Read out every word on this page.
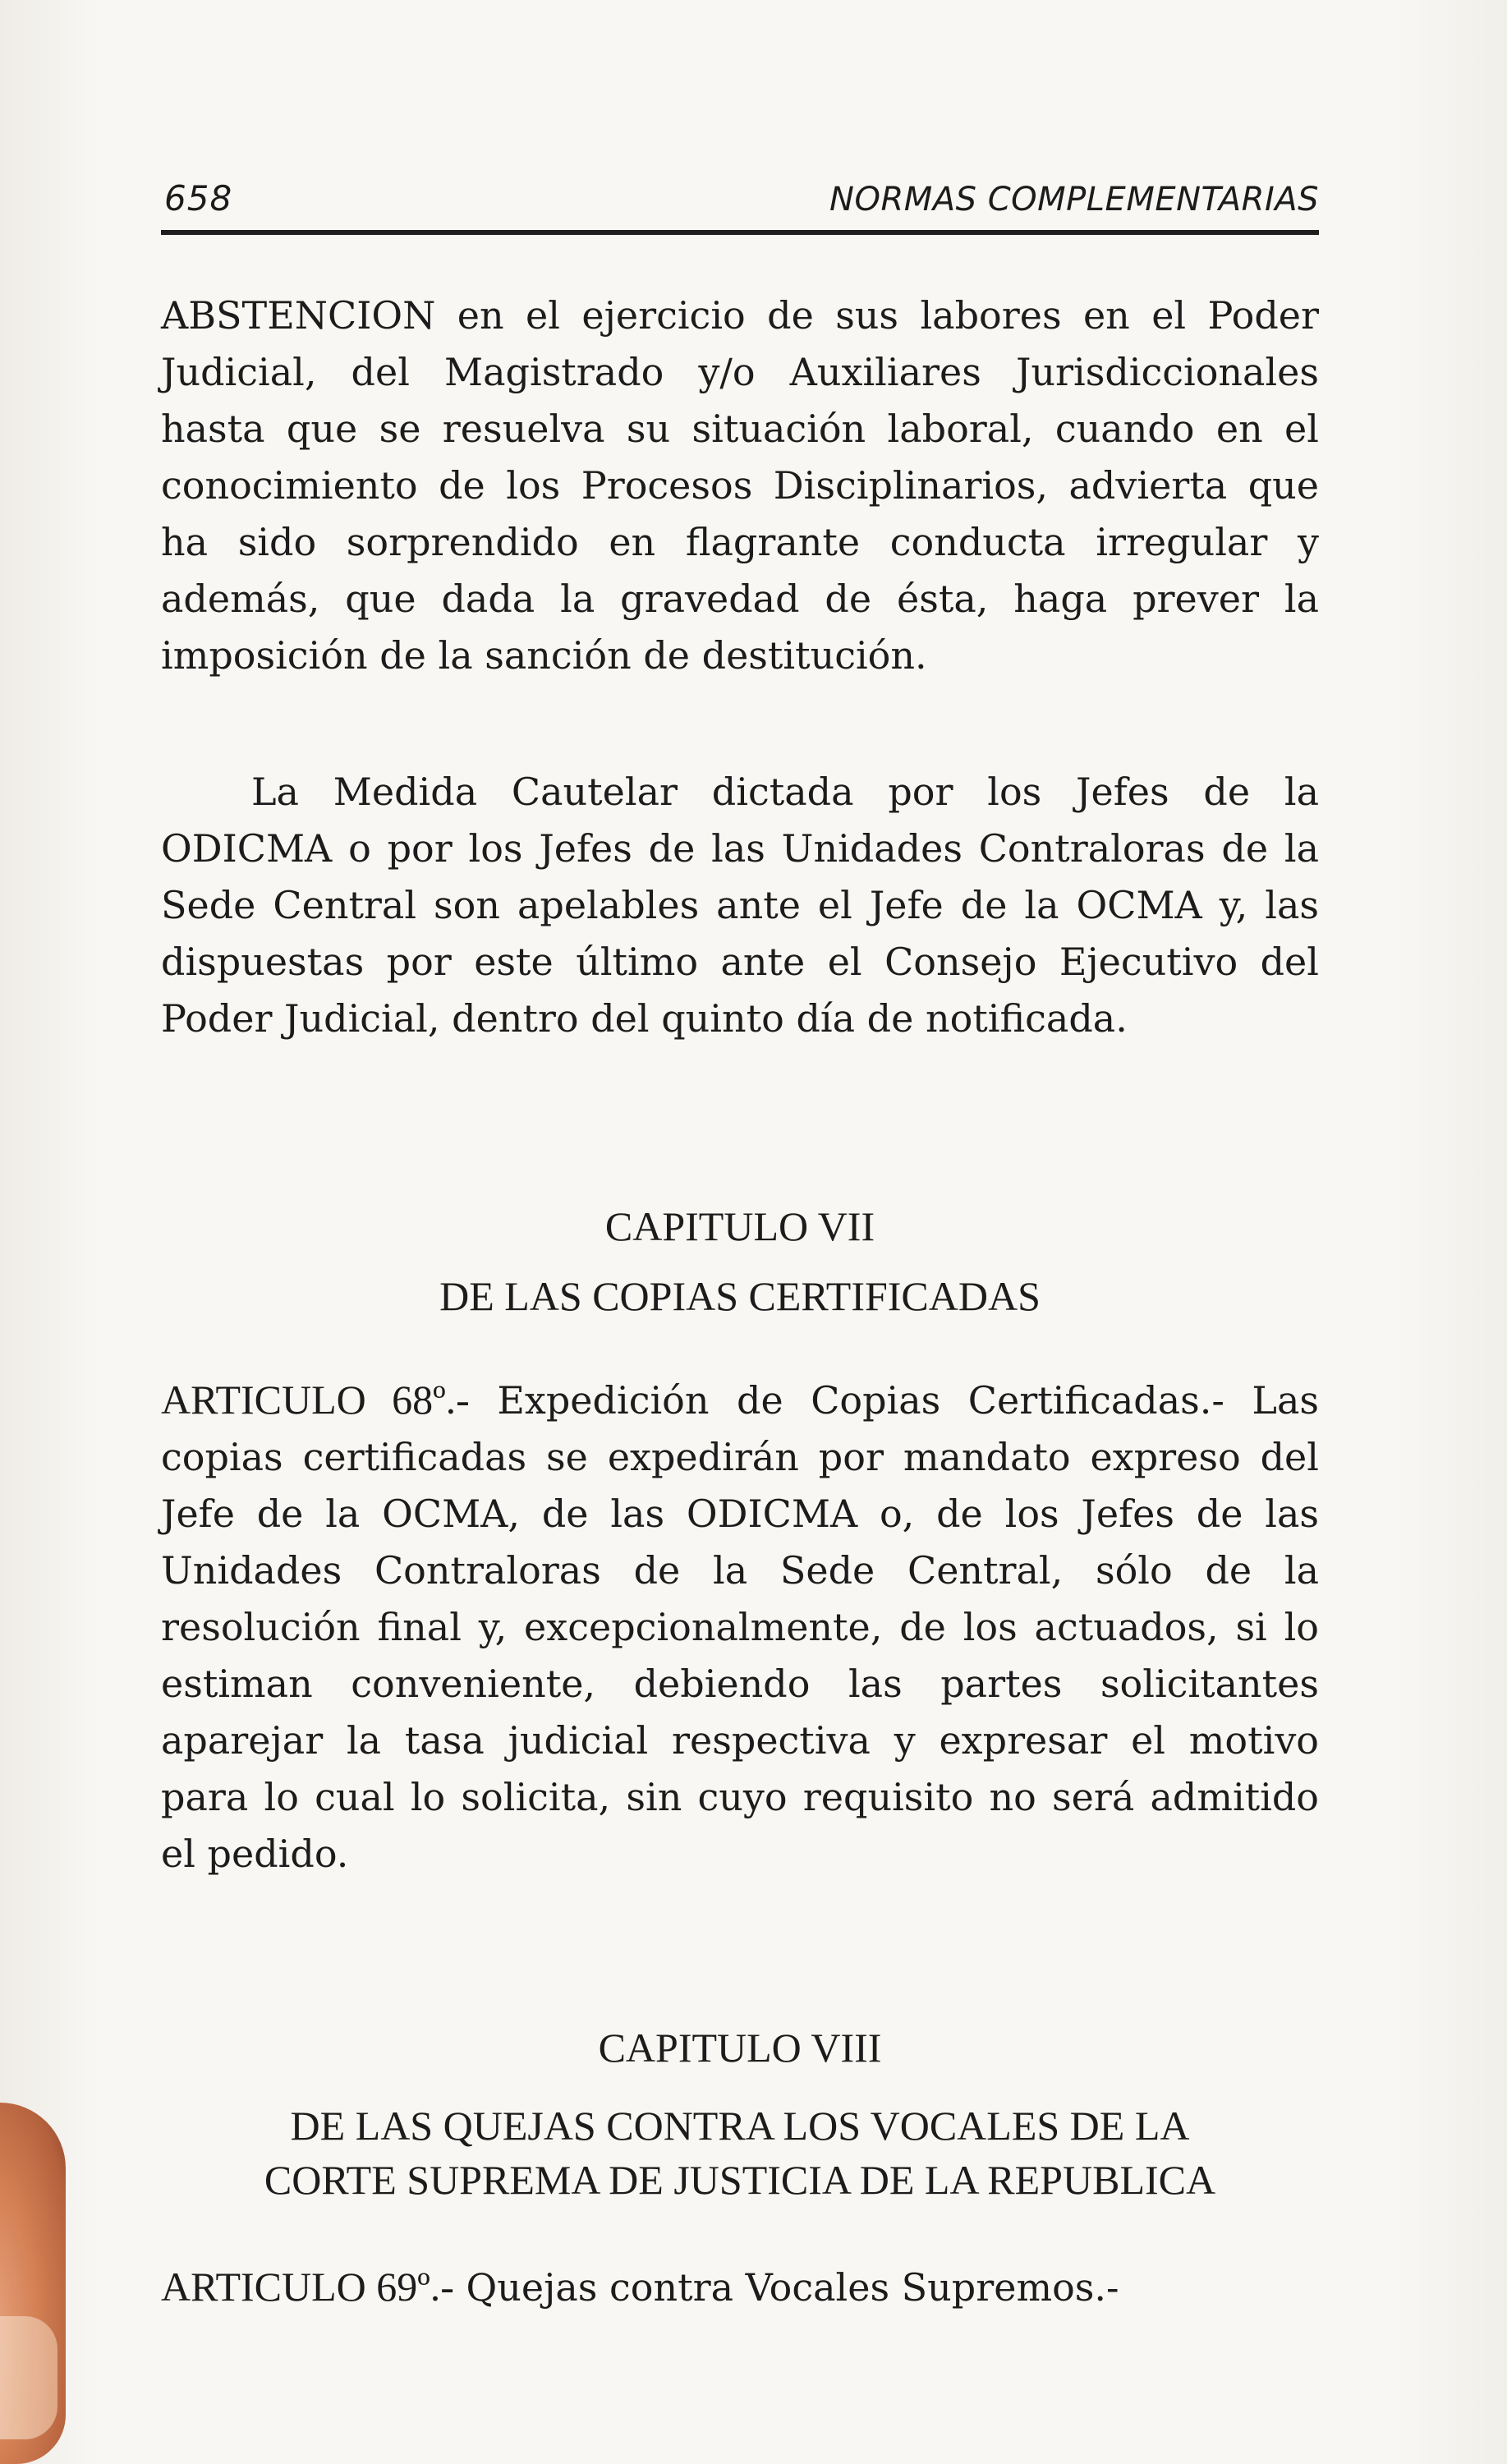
658	NORMAS COMPLEMENTARIAS

ABSTENCION en el ejercicio de sus labores en el Poder Judicial, del Magistrado y/o Auxiliares Jurisdiccionales hasta que se resuelva su situación laboral, cuando en el conocimiento de los Procesos Disciplinarios, advierta que ha sido sorprendido en flagrante conducta irregular y además, que dada la gravedad de ésta, haga prever la imposición de la sanción de destitución.

La Medida Cautelar dictada por los Jefes de la ODICMA o por los Jefes de las Unidades Contraloras de la Sede Central son apelables ante el Jefe de la OCMA y, las dispuestas por este último ante el Consejo Ejecutivo del Poder Judicial, dentro del quinto día de notificada.

CAPITULO VII

DE LAS COPIAS CERTIFICADAS

ARTICULO 68º.- Expedición de Copias Certificadas.- Las copias certificadas se expedirán por mandato expreso del Jefe de la OCMA, de las ODICMA o, de los Jefes de las Unidades Contraloras de la Sede Central, sólo de la resolución final y, excepcionalmente, de los actuados, si lo estiman conveniente, debiendo las partes solicitantes aparejar la tasa judicial respectiva y expresar el motivo para lo cual lo solicita, sin cuyo requisito no será admitido el pedido.

CAPITULO VIII

DE LAS QUEJAS CONTRA LOS VOCALES DE LA
CORTE SUPREMA DE JUSTICIA DE LA REPUBLICA

ARTICULO 69º.- Quejas contra Vocales Supremos.-
